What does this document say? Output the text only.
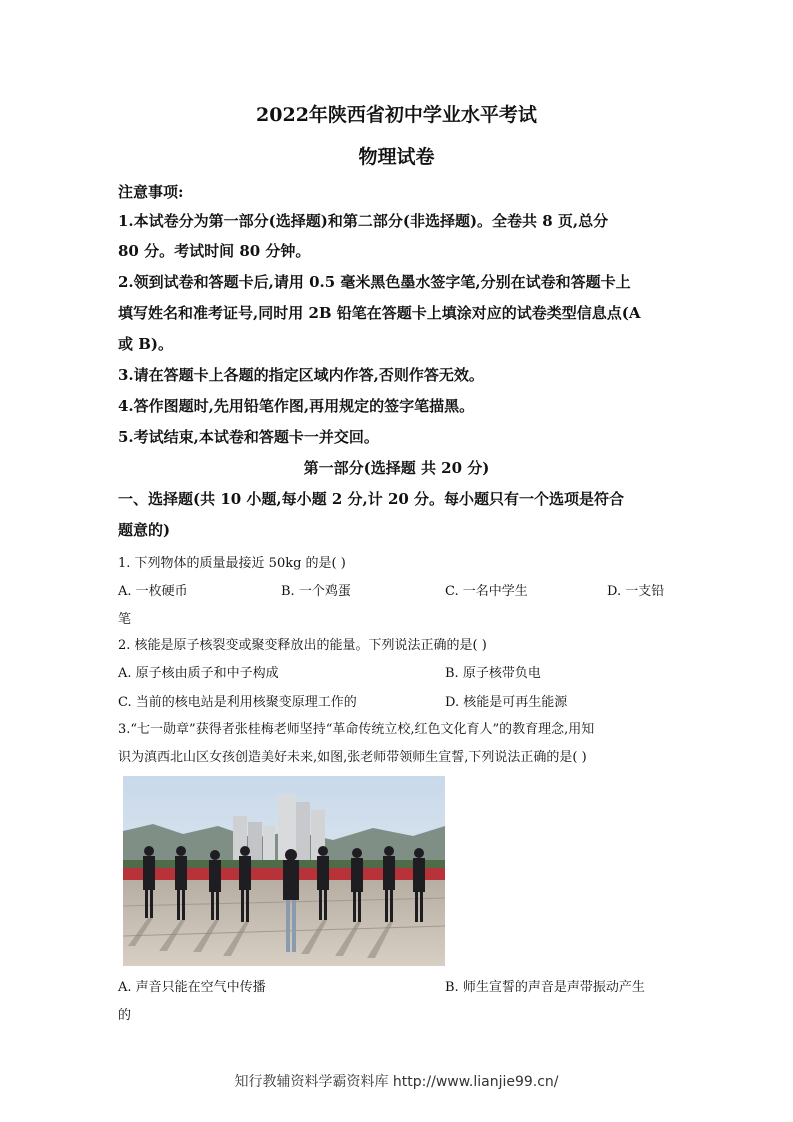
2022年陕西省初中学业水平考试
物理试卷
注意事项:
1.本试卷分为第一部分(选择题)和第二部分(非选择题)。全卷共 8 页,总分
80 分。考试时间 80 分钟。
2.领到试卷和答题卡后,请用 0.5 毫米黑色墨水签字笔,分别在试卷和答题卡上
填写姓名和准考证号,同时用 2B 铅笔在答题卡上填涂对应的试卷类型信息点(A
或 B)。
3.请在答题卡上各题的指定区域内作答,否则作答无效。
4.答作图题时,先用铅笔作图,再用规定的签字笔描黑。
5.考试结束,本试卷和答题卡一并交回。
第一部分(选择题 共 20 分)
一、选择题(共 10 小题,每小题 2 分,计 20 分。每小题只有一个选项是符合
题意的)
1. 下列物体的质量最接近 50kg 的是( )
A. 一枚硬币	B. 一个鸡蛋	C. 一名中学生	D. 一支铅
笔
2. 核能是原子核裂变或聚变释放出的能量。下列说法正确的是( )
A. 原子核由质子和中子构成	B. 原子核带负电
C. 当前的核电站是利用核聚变原理工作的	D. 核能是可再生能源
3.“七一勋章”获得者张桂梅老师坚持“革命传统立校,红色文化育人”的教育理念,用知
识为滇西北山区女孩创造美好未来,如图,张老师带领师生宣誓,下列说法正确的是( )
A. 声音只能在空气中传播	B. 师生宣誓的声音是声带振动产生
的
知行教辅资料学霸资料库 http://www.lianjie99.cn/
